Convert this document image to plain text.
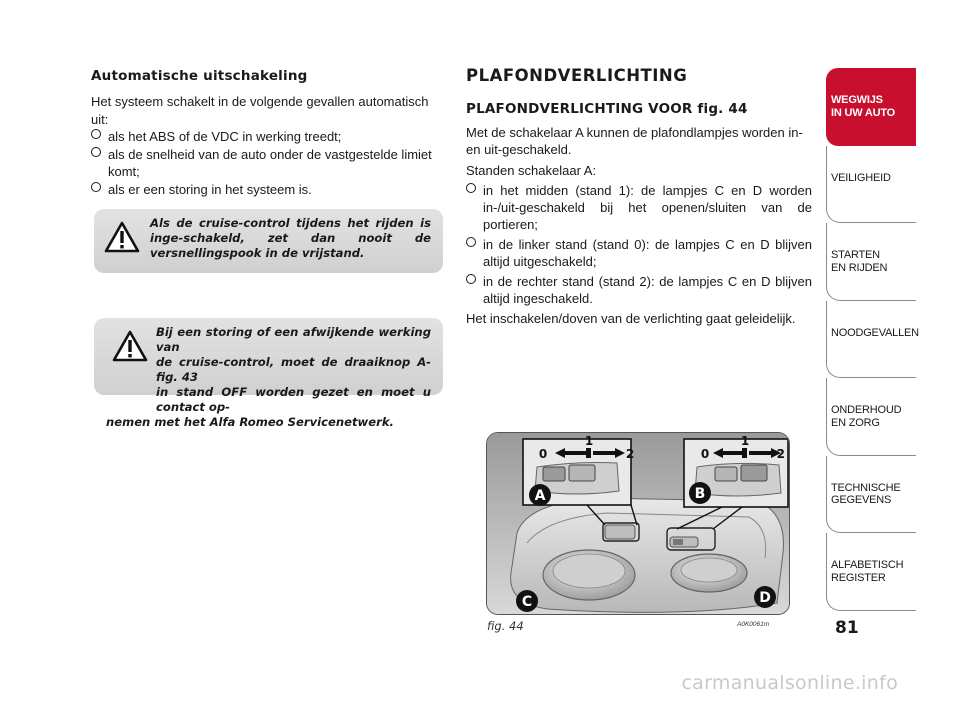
Automatische uitschakeling

Het systeem schakelt in de volgende gevallen automatisch uit:

als het ABS of de VDC in werking treedt;
als de snelheid van de auto onder de vastgestelde limiet komt;
als er een storing in het systeem is.

Als de cruise-control tijdens het rijden is inge-schakeld, zet dan nooit de versnellingspook in de vrijstand.

Bij een storing of een afwijkende werking van

de cruise-control, moet de draaiknop A-fig. 43

in stand OFF worden gezet en moet u contact op-

nemen met het Alfa Romeo Servicenetwerk.

PLAFONDVERLICHTING
PLAFONDVERLICHTING VOOR fig. 44

Met de schakelaar A kunnen de plafondlampjes worden in- en uit-geschakeld.

Standen schakelaar A:

in het midden (stand 1): de lampjes C en D worden in-/uit-geschakeld bij het openen/sluiten van de portieren;
in de linker stand (stand 0): de lampjes C en D blijven altijd uitgeschakeld;
in de rechter stand (stand 2): de lampjes C en D blijven altijd ingeschakeld.

Het inschakelen/doven van de verlichting gaat geleidelijk.

A	B
C	D
0
1
2	0
1
2
fig. 44	A0K0061m
WEGWIJS
IN UW AUTO
VEILIGHEID
STARTEN
EN RIJDEN
NOODGEVALLEN
ONDERHOUD
EN ZORG
TECHNISCHE
GEGEVENS
ALFABETISCH
REGISTER
81
carmanualsonline.info
